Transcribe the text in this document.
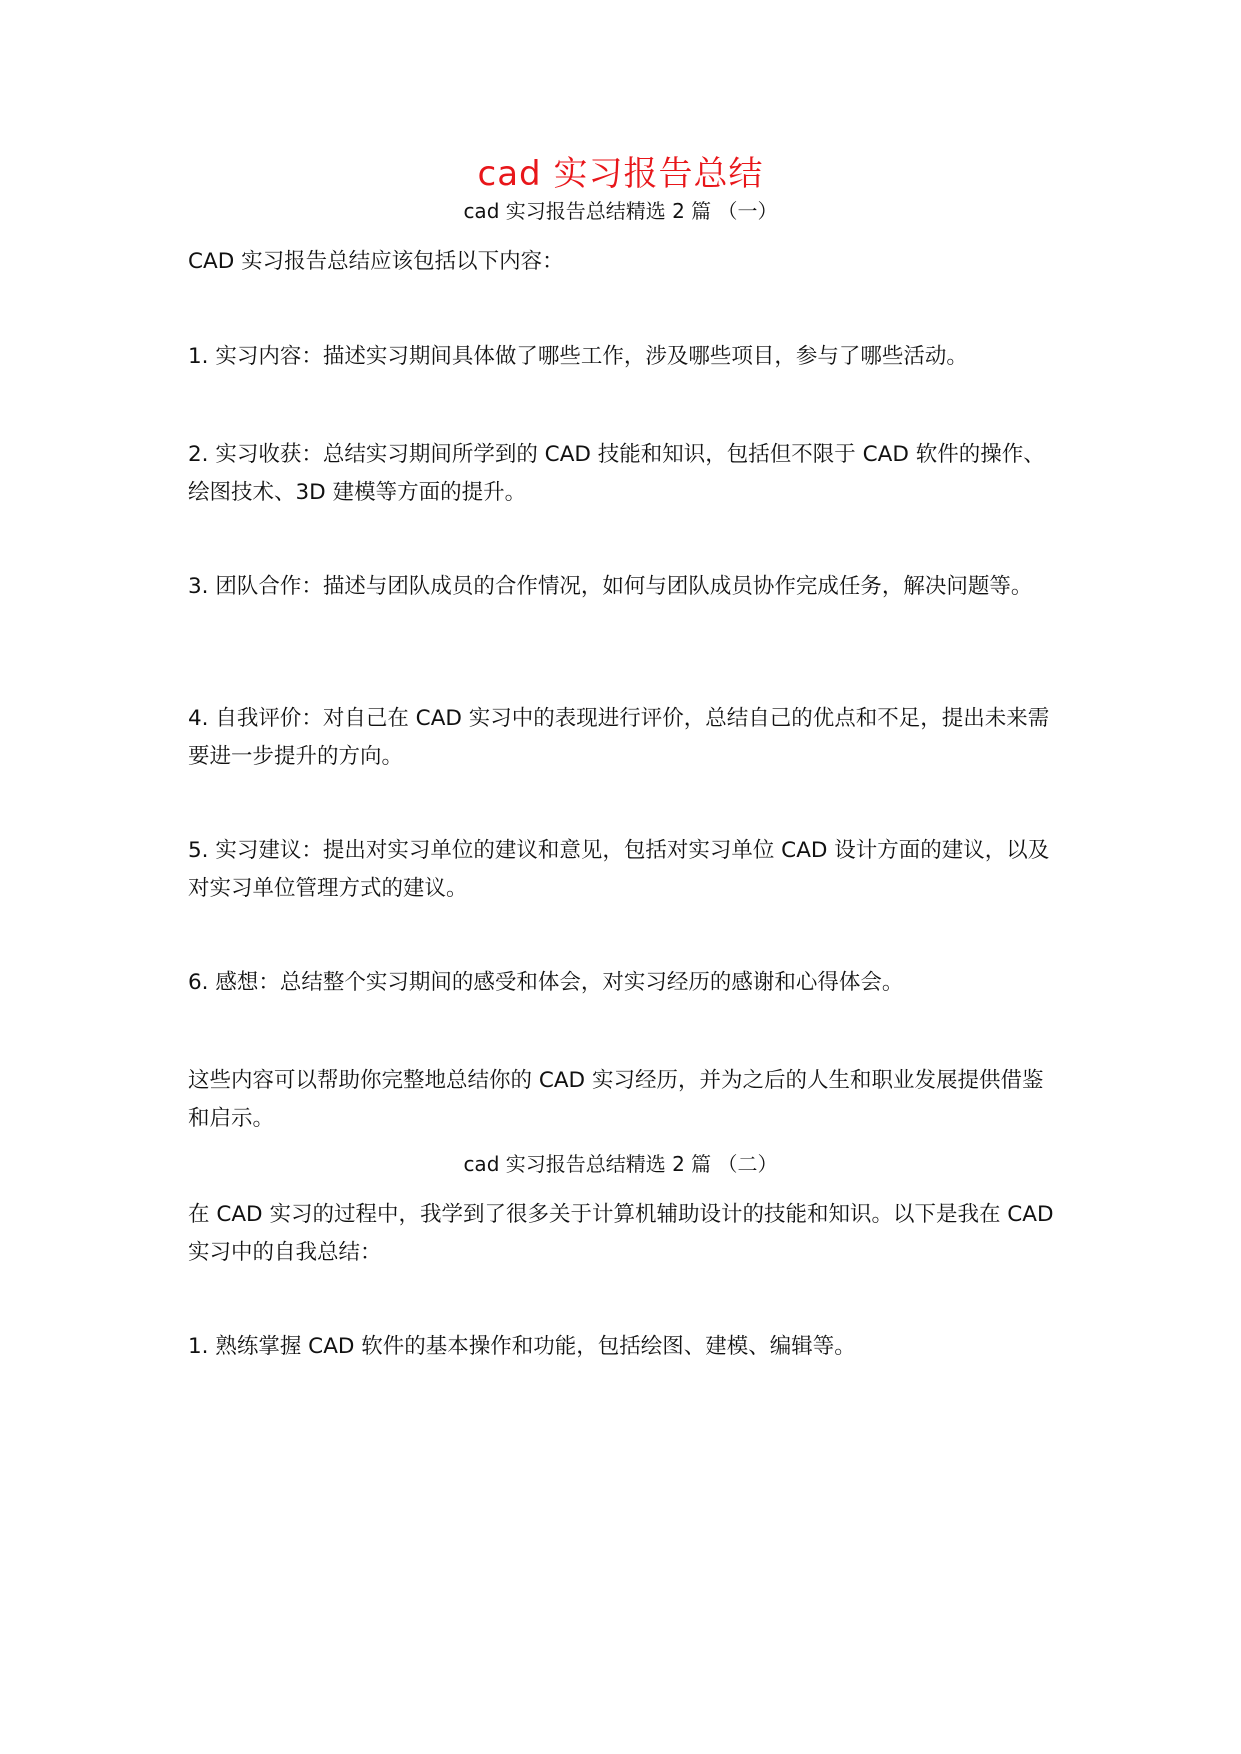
cad 实习报告总结
cad 实习报告总结精选 2 篇 （一）

CAD 实习报告总结应该包括以下内容：

1. 实习内容：描述实习期间具体做了哪些工作，涉及哪些项目，参与了哪些活动。

2. 实习收获：总结实习期间所学到的 CAD 技能和知识，包括但不限于 CAD 软件的操作、绘图技术、3D 建模等方面的提升。

3. 团队合作：描述与团队成员的合作情况，如何与团队成员协作完成任务，解决问题等。

4. 自我评价：对自己在 CAD 实习中的表现进行评价，总结自己的优点和不足，提出未来需要进一步提升的方向。

5. 实习建议：提出对实习单位的建议和意见，包括对实习单位 CAD 设计方面的建议，以及对实习单位管理方式的建议。

6. 感想：总结整个实习期间的感受和体会，对实习经历的感谢和心得体会。

这些内容可以帮助你完整地总结你的 CAD 实习经历，并为之后的人生和职业发展提供借鉴和启示。

cad 实习报告总结精选 2 篇 （二）

在 CAD 实习的过程中，我学到了很多关于计算机辅助设计的技能和知识。以下是我在 CAD 实习中的自我总结：

1. 熟练掌握 CAD 软件的基本操作和功能，包括绘图、建模、编辑等。
